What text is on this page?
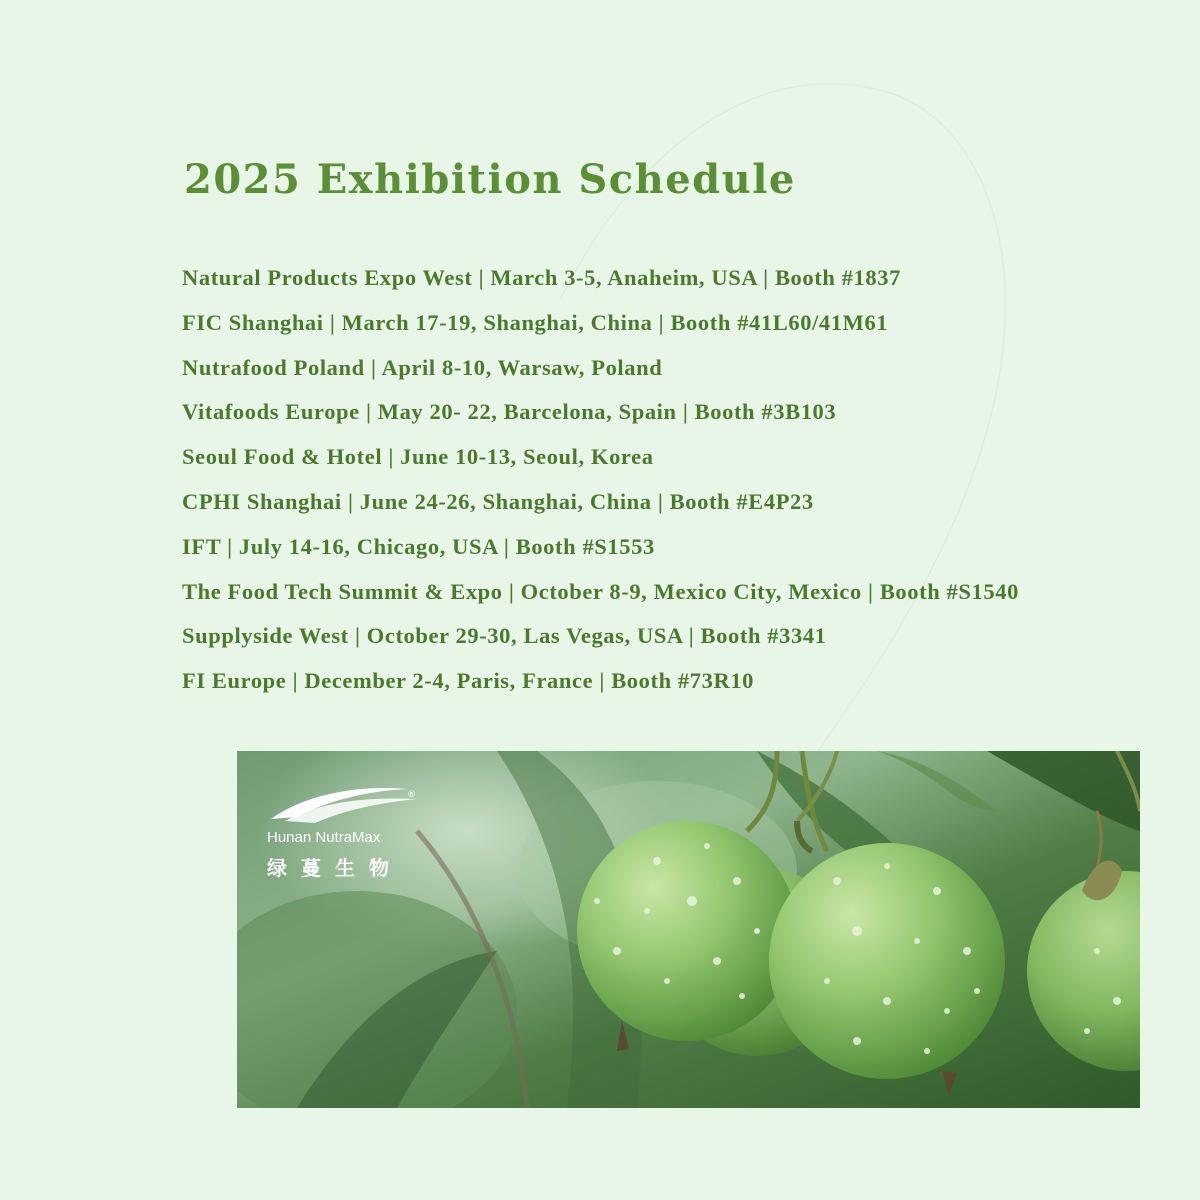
2025 Exhibition Schedule
Natural Products Expo West | March 3-5, Anaheim, USA | Booth #1837
FIC Shanghai | March 17-19, Shanghai, China | Booth #41L60/41M61
Nutrafood Poland | April 8-10, Warsaw, Poland
Vitafoods Europe | May 20- 22, Barcelona, Spain | Booth #3B103
Seoul Food & Hotel | June 10-13, Seoul, Korea
CPHI Shanghai | June 24-26, Shanghai, China | Booth #E4P23
IFT | July 14-16, Chicago, USA | Booth #S1553
The Food Tech Summit & Expo | October 8-9, Mexico City, Mexico | Booth #S1540
Supplyside West | October 29-30, Las Vegas, USA | Booth #3341
FI Europe | December 2-4, Paris, France | Booth #73R10
®
Hunan NutraMax
绿蔓生物
